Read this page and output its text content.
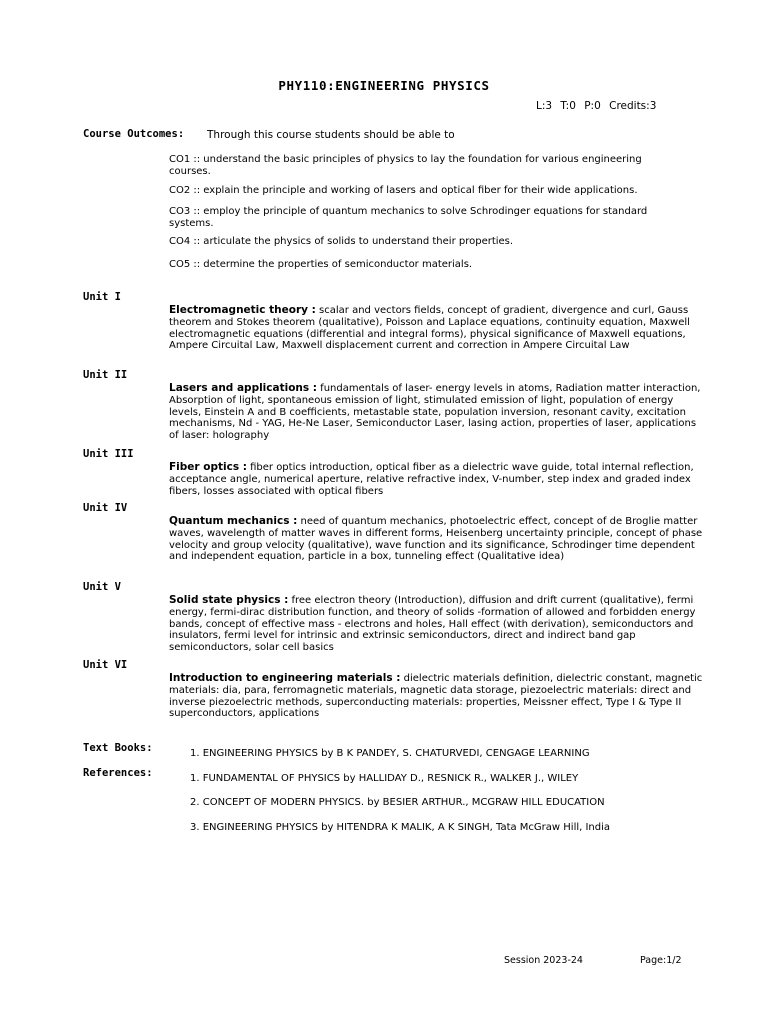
PHY110:ENGINEERING PHYSICS
L:3 T:0 P:0 Credits:3
Course Outcomes: Through this course students should be able to
CO1 :: understand the basic principles of physics to lay the foundation for various engineering courses.
CO2 :: explain the principle and working of lasers and optical fiber for their wide applications.
CO3 :: employ the principle of quantum mechanics to solve Schrodinger equations for standard systems.
CO4 :: articulate the physics of solids to understand their properties.
CO5 :: determine the properties of semiconductor materials.
Unit I
Electromagnetic theory : scalar and vectors fields, concept of gradient, divergence and curl, Gauss theorem and Stokes theorem (qualitative), Poisson and Laplace equations, continuity equation, Maxwell electromagnetic equations (differential and integral forms), physical significance of Maxwell equations, Ampere Circuital Law, Maxwell displacement current and correction in Ampere Circuital Law
Unit II
Lasers and applications : fundamentals of laser- energy levels in atoms, Radiation matter interaction, Absorption of light, spontaneous emission of light, stimulated emission of light, population of energy levels, Einstein A and B coefficients, metastable state, population inversion, resonant cavity, excitation mechanisms, Nd - YAG, He-Ne Laser, Semiconductor Laser, lasing action, properties of laser, applications of laser: holography
Unit III
Fiber optics : fiber optics introduction, optical fiber as a dielectric wave guide, total internal reflection, acceptance angle, numerical aperture, relative refractive index, V-number, step index and graded index fibers, losses associated with optical fibers
Unit IV
Quantum mechanics : need of quantum mechanics, photoelectric effect, concept of de Broglie matter waves, wavelength of matter waves in different forms, Heisenberg uncertainty principle, concept of phase velocity and group velocity (qualitative), wave function and its significance, Schrodinger time dependent and independent equation, particle in a box, tunneling effect (Qualitative idea)
Unit V
Solid state physics : free electron theory (Introduction), diffusion and drift current (qualitative), fermi energy, fermi-dirac distribution function, and theory of solids -formation of allowed and forbidden energy bands, concept of effective mass - electrons and holes, Hall effect (with derivation), semiconductors and insulators, fermi level for intrinsic and extrinsic semiconductors, direct and indirect band gap semiconductors, solar cell basics
Unit VI
Introduction to engineering materials : dielectric materials definition, dielectric constant, magnetic materials: dia, para, ferromagnetic materials, magnetic data storage, piezoelectric materials: direct and inverse piezoelectric methods, superconducting materials: properties, Meissner effect, Type I & Type II superconductors, applications
Text Books:	1. ENGINEERING PHYSICS by B K PANDEY, S. CHATURVEDI, CENGAGE LEARNING
References:	1. FUNDAMENTAL OF PHYSICS by HALLIDAY D., RESNICK R., WALKER J., WILEY
2. CONCEPT OF MODERN PHYSICS. by BESIER ARTHUR., MCGRAW HILL EDUCATION
3. ENGINEERING PHYSICS by HITENDRA K MALIK, A K SINGH, Tata McGraw Hill, India
Session 2023-24	Page:1/2
